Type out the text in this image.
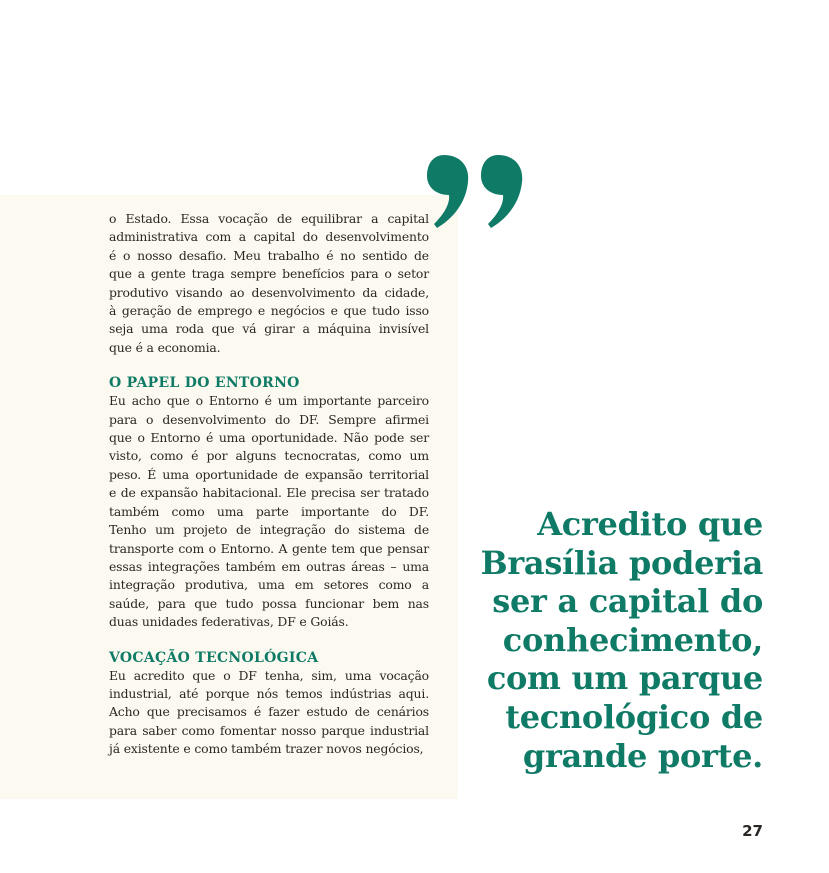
o Estado. Essa vocação de equilibrar a capital
administrativa com a capital do desenvolvimento
é o nosso desafio. Meu trabalho é no sentido de
que a gente traga sempre benefícios para o setor
produtivo visando ao desenvolvimento da cidade,
à geração de emprego e negócios e que tudo isso
seja uma roda que vá girar a máquina invisível
que é a economia.
O PAPEL DO ENTORNO
Eu acho que o Entorno é um importante parceiro
para o desenvolvimento do DF. Sempre afirmei
que o Entorno é uma oportunidade. Não pode ser
visto, como é por alguns tecnocratas, como um
peso. É uma oportunidade de expansão territorial
e de expansão habitacional. Ele precisa ser tratado
também como uma parte importante do DF.
Tenho um projeto de integração do sistema de
transporte com o Entorno. A gente tem que pensar
essas integrações também em outras áreas – uma
integração produtiva, uma em setores como a
saúde, para que tudo possa funcionar bem nas
duas unidades federativas, DF e Goiás.
VOCAÇÃO TECNOLÓGICA
Eu acredito que o DF tenha, sim, uma vocação
industrial, até porque nós temos indústrias aqui.
Acho que precisamos é fazer estudo de cenários
para saber como fomentar nosso parque industrial
já existente e como também trazer novos negócios,
Acredito que
Brasília poderia
ser a capital do
conhecimento,
com um parque
tecnológico de
grande porte.
27
